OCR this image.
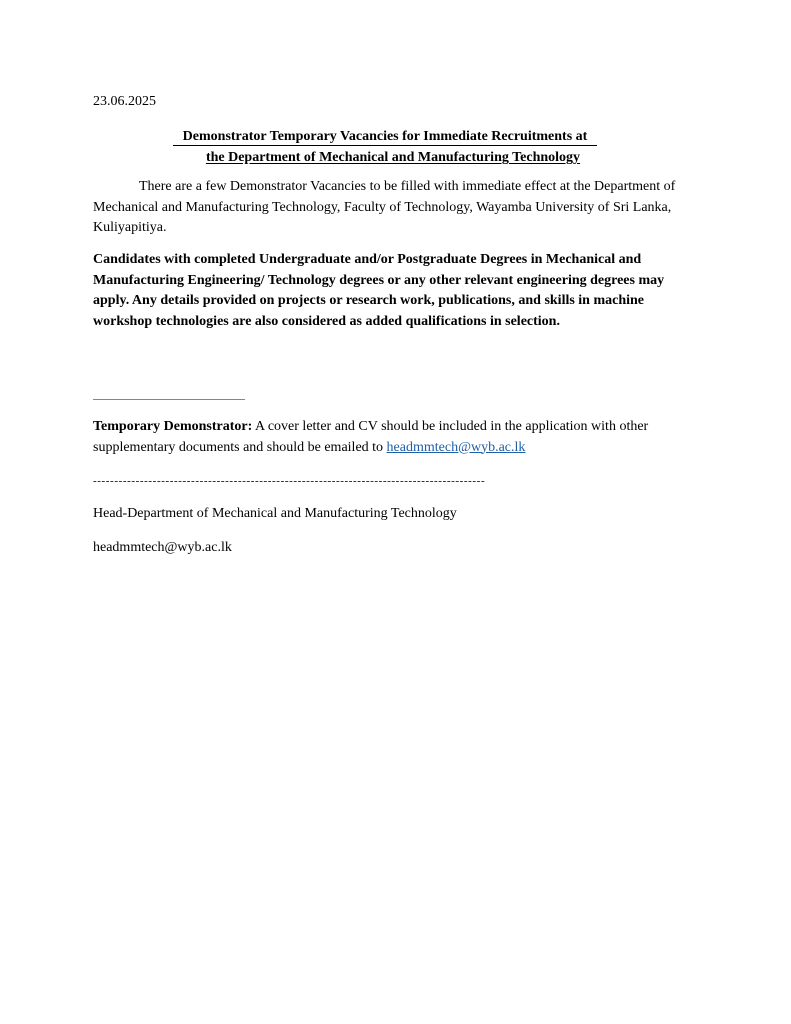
23.06.2025
Demonstrator Temporary Vacancies for Immediate Recruitments at
the Department of Mechanical and Manufacturing Technology
There are a few Demonstrator Vacancies to be filled with immediate effect at the Department of Mechanical and Manufacturing Technology, Faculty of Technology, Wayamba University of Sri Lanka, Kuliyapitiya.
Candidates with completed Undergraduate and/or Postgraduate Degrees in Mechanical and Manufacturing Engineering/ Technology degrees or any other relevant engineering degrees may apply. Any details provided on projects or research work, publications, and skills in machine workshop technologies are also considered as added qualifications in selection.
Temporary Demonstrator: A cover letter and CV should be included in the application with other supplementary documents and should be emailed to headmmtech@wyb.ac.lk
--------------------------------------------------------------------------------------------
Head-Department of Mechanical and Manufacturing Technology
headmmtech@wyb.ac.lk
